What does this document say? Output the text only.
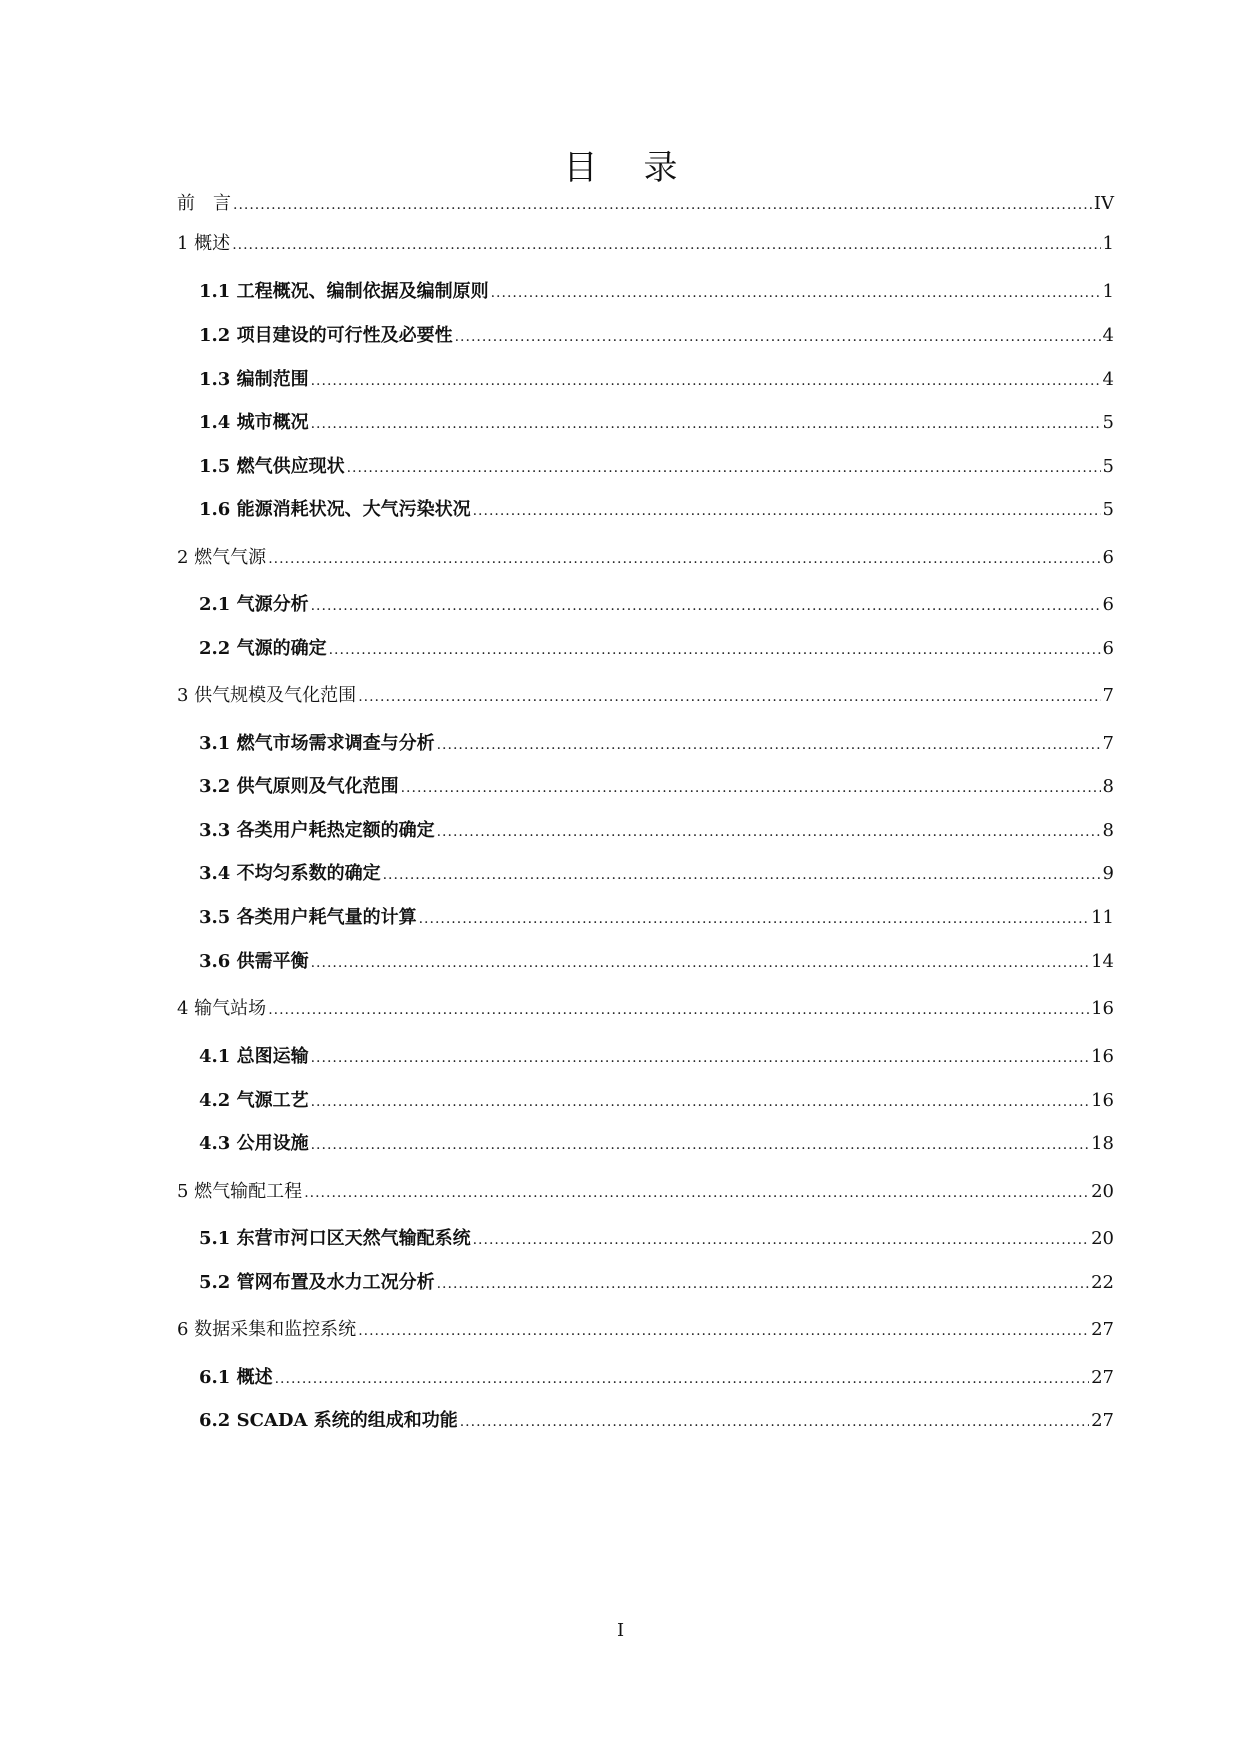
目 录
前　言 .....	IV
1 概述 .....	1
1.1 工程概况、编制依据及编制原则 .....	1
1.2 项目建设的可行性及必要性 .....	4
1.3 编制范围 .....	4
1.4 城市概况 .....	5
1.5 燃气供应现状 .....	5
1.6 能源消耗状况、大气污染状况 .....	5
2 燃气气源 .....	6
2.1 气源分析 .....	6
2.2 气源的确定 .....	6
3 供气规模及气化范围 .....	7
3.1 燃气市场需求调查与分析 .....	7
3.2 供气原则及气化范围 .....	8
3.3 各类用户耗热定额的确定 .....	8
3.4 不均匀系数的确定 .....	9
3.5 各类用户耗气量的计算 .....	11
3.6 供需平衡 .....	14
4 输气站场 .....	16
4.1 总图运输 .....	16
4.2 气源工艺 .....	16
4.3 公用设施 .....	18
5 燃气输配工程 .....	20
5.1 东营市河口区天然气输配系统 .....	20
5.2 管网布置及水力工况分析 .....	22
6 数据采集和监控系统 .....	27
6.1 概述 .....	27
6.2 SCADA 系统的组成和功能 .....	27
I
